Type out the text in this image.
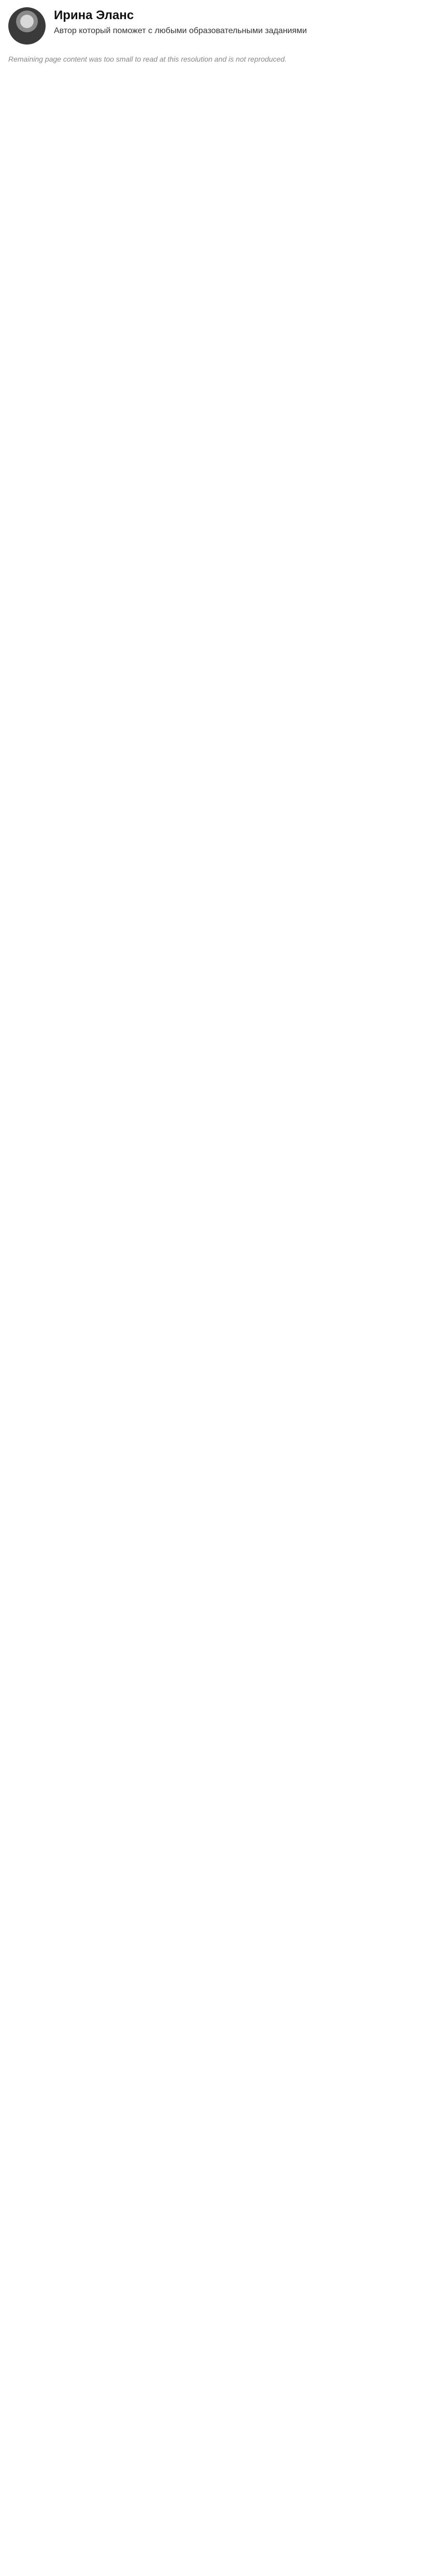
Ирина Эланс
Автор который поможет с любыми образовательными заданиями
Remaining page content was too small to read at this resolution and is not reproduced.
